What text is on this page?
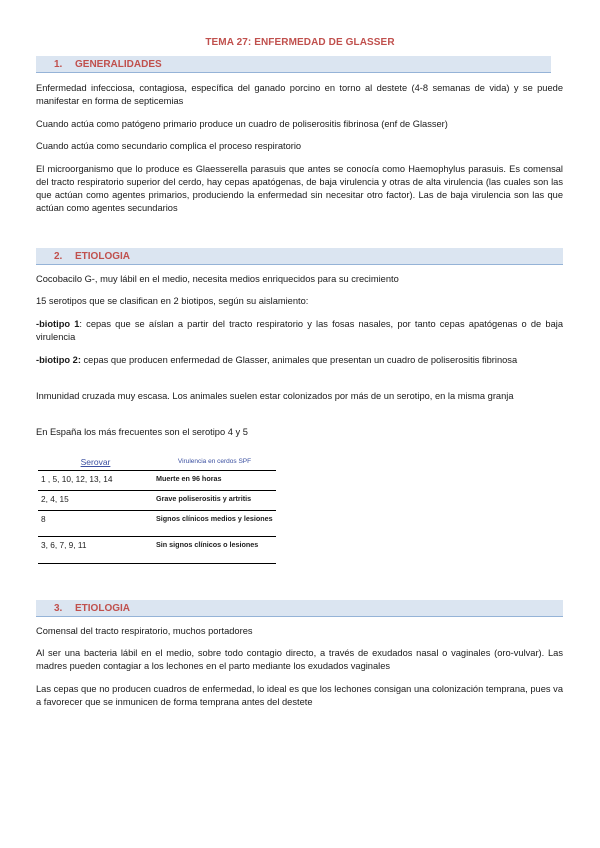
TEMA 27: ENFERMEDAD DE GLASSER
1. GENERALIDADES

Enfermedad infecciosa, contagiosa, específica del ganado porcino en torno al destete (4-8 semanas de vida) y se puede manifestar en forma de septicemias

Cuando actúa como patógeno primario produce un cuadro de poliserositis fibrinosa (enf de Glasser)

Cuando actúa como secundario complica el proceso respiratorio

El microorganismo que lo produce es Glaesserella parasuis que antes se conocía como Haemophylus parasuis. Es comensal del tracto respiratorio superior del cerdo, hay cepas apatógenas, de baja virulencia y otras de alta virulencia (las cuales son las que actúan como agentes primarios, produciendo la enfermedad sin necesitar otro factor). Las de baja virulencia son las que actúan como agentes secundarios

2. ETIOLOGIA

Cocobacilo G-, muy lábil en el medio, necesita medios enriquecidos para su crecimiento

15 serotipos que se clasifican en 2 biotipos, según su aislamiento:

-biotipo 1: cepas que se aíslan a partir del tracto respiratorio y las fosas nasales, por tanto cepas apatógenas o de baja virulencia

-biotipo 2: cepas que producen enfermedad de Glasser, animales que presentan un cuadro de poliserositis fibrinosa

Inmunidad cruzada muy escasa. Los animales suelen estar colonizados por más de un serotipo, en la misma granja

En España los más frecuentes son el serotipo 4 y 5

Serovar	Virulencia en cerdos SPF
1 , 5, 10, 12, 13, 14	Muerte en 96 horas
2, 4, 15	Grave poliserositis y artritis
8	Signos clínicos medios y lesiones
3, 6, 7, 9, 11	Sin signos clínicos o lesiones
3. ETIOLOGIA

Comensal del tracto respiratorio, muchos portadores

Al ser una bacteria lábil en el medio, sobre todo contagio directo, a través de exudados nasal o vaginales (oro-vulvar). Las madres pueden contagiar a los lechones en el parto mediante los exudados vaginales

Las cepas que no producen cuadros de enfermedad, lo ideal es que los lechones consigan una colonización temprana, pues va a favorecer que se inmunicen de forma temprana antes del destete
